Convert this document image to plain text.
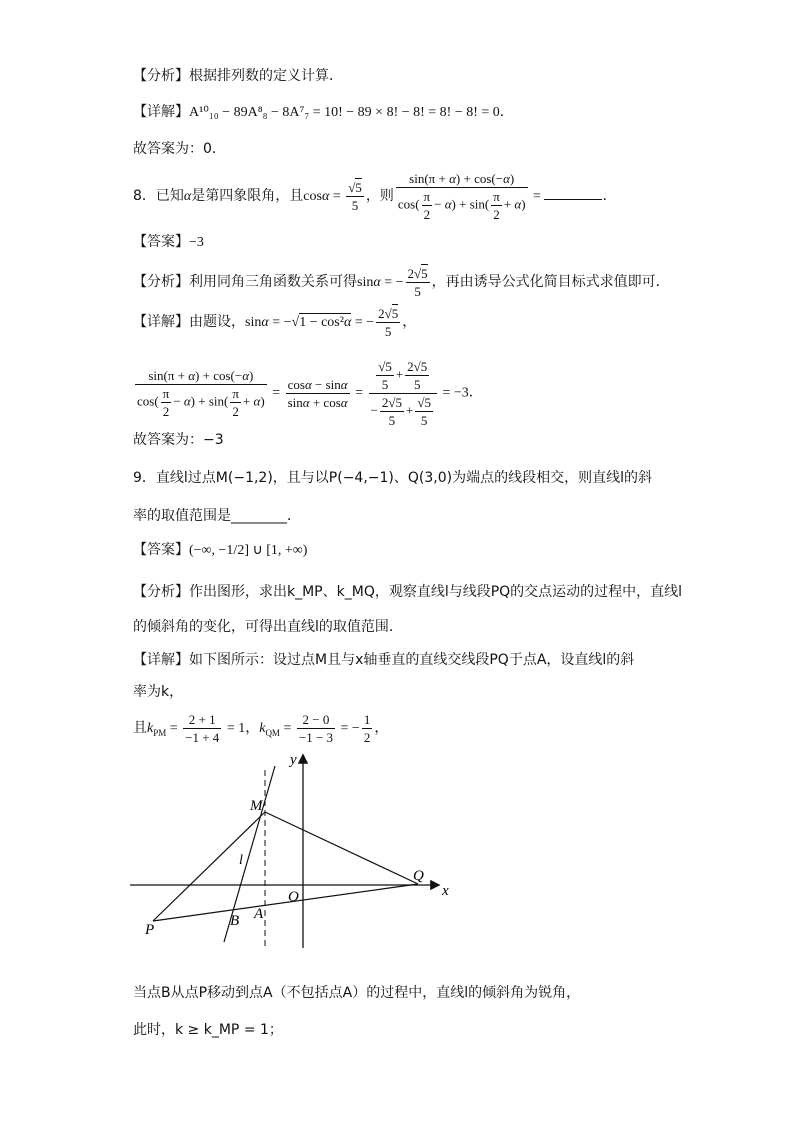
【分析】根据排列数的定义计算．
【详解】A¹⁰₁₀ − 89A⁸₈ − 8A⁷₇ = 10! − 89 × 8! − 8! = 8! − 8! = 0．
故答案为：0．
8．已知α是第四象限角，且$\cos\alpha = \frac{√5}{5}$ ，则 $\frac{\sin(\pi + \alpha) + \cos(-\alpha)}{\cos( \frac{\pi}{2} - \alpha) + \sin( \frac{\pi}{2} + \alpha)}$ =	.
【答案】−3
【分析】利用同角三角函数关系可得sinα = − $\frac{2√5}{5}$ ，再由诱导公式化简目标式求值即可．
【详解】由题设，sinα = −√1 − cos²α = − $\frac{2√5}{5}$ ，
$\frac{\sin(\pi + \alpha) + \cos(-\alpha)}{\cos( \frac{\pi}{2} - \alpha) + \sin( \frac{\pi}{2} + \alpha)} = \frac{\cos\alpha - \sin\alpha}{\sin\alpha + \cos\alpha} = \frac{\frac{√5}{5} + \frac{2√5}{5}}{- \frac{2√5}{5} + \frac{√5}{5}} = -3$．
故答案为：−3
9．直线l过点M(−1,2)，且与以P(−4,−1)、Q(3,0)为端点的线段相交，则直线l的斜
率的取值范围是________．
【答案】(−∞, −1/2] ∪ [1, +∞)
【分析】作出图形，求出k_MP、k_MQ，观察直线l与线段PQ的交点运动的过程中，直线l
的倾斜角的变化，可得出直线l的取值范围．
【详解】如下图所示：设过点M且与x轴垂直的直线交线段PQ于点A，设直线l的斜
率为k，
且$k_{PM} = \frac{2 + 1}{-1 + 4} = 1$，$k_{QM} = \frac{2 - 0}{-1 - 3}$ = − $\frac{1}{2}$ ，
y
x
M
l
O
Q
A
B
P
当点B从点P移动到点A（不包括点A）的过程中，直线l的倾斜角为锐角，
此时，k ≥ k_MP = 1；
